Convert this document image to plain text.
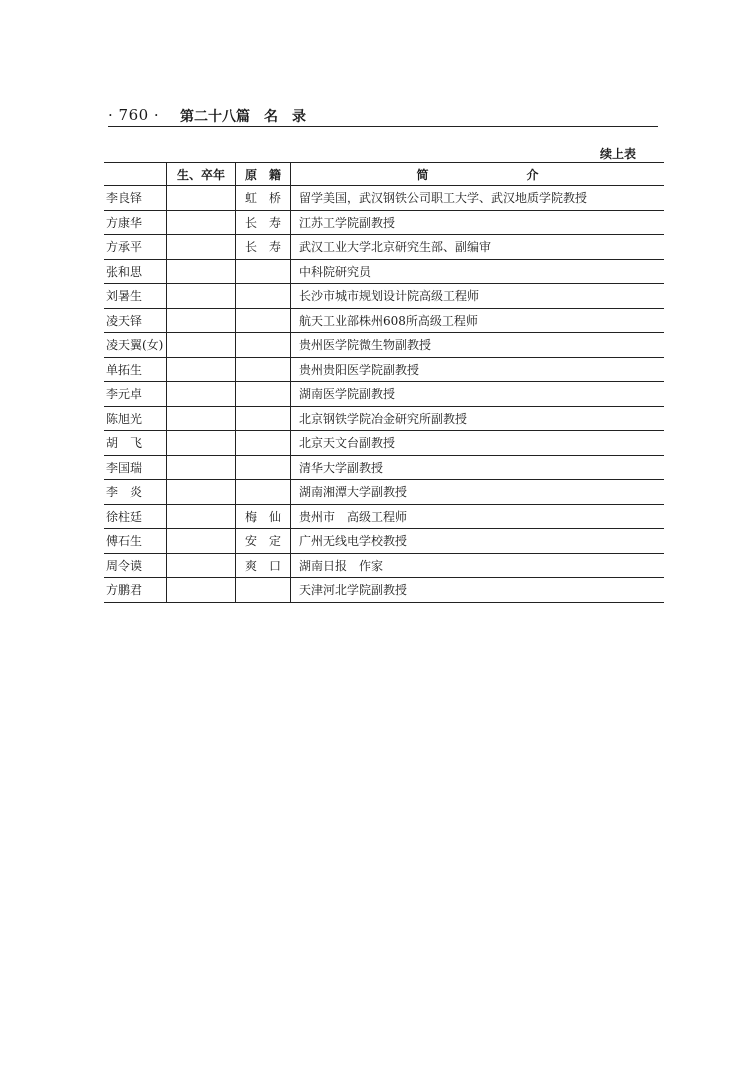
· 760 · 第二十八篇　名　录
续上表
	生、卒年	原　籍	简 介

李良铎		虹　桥	留学美国，武汉钢铁公司职工大学、武汉地质学院教授
方康华		长　寿	江苏工学院副教授
方承平		长　寿	武汉工业大学北京研究生部、副编审
张和思			中科院研究员
刘暑生			长沙市城市规划设计院高级工程师
凌天铎			航天工业部株州608所高级工程师
凌天翼(女)			贵州医学院微生物副教授
单拓生			贵州贵阳医学院副教授
李元卓			湖南医学院副教授
陈旭光			北京钢铁学院冶金研究所副教授
胡　飞			北京天文台副教授
李国瑞			清华大学副教授
李　炎			湖南湘潭大学副教授
徐柱廷		梅　仙	贵州市　高级工程师
傅石生		安　定	广州无线电学校教授
周令谟		爽　口	湖南日报　作家
方鹏君			天津河北学院副教授
